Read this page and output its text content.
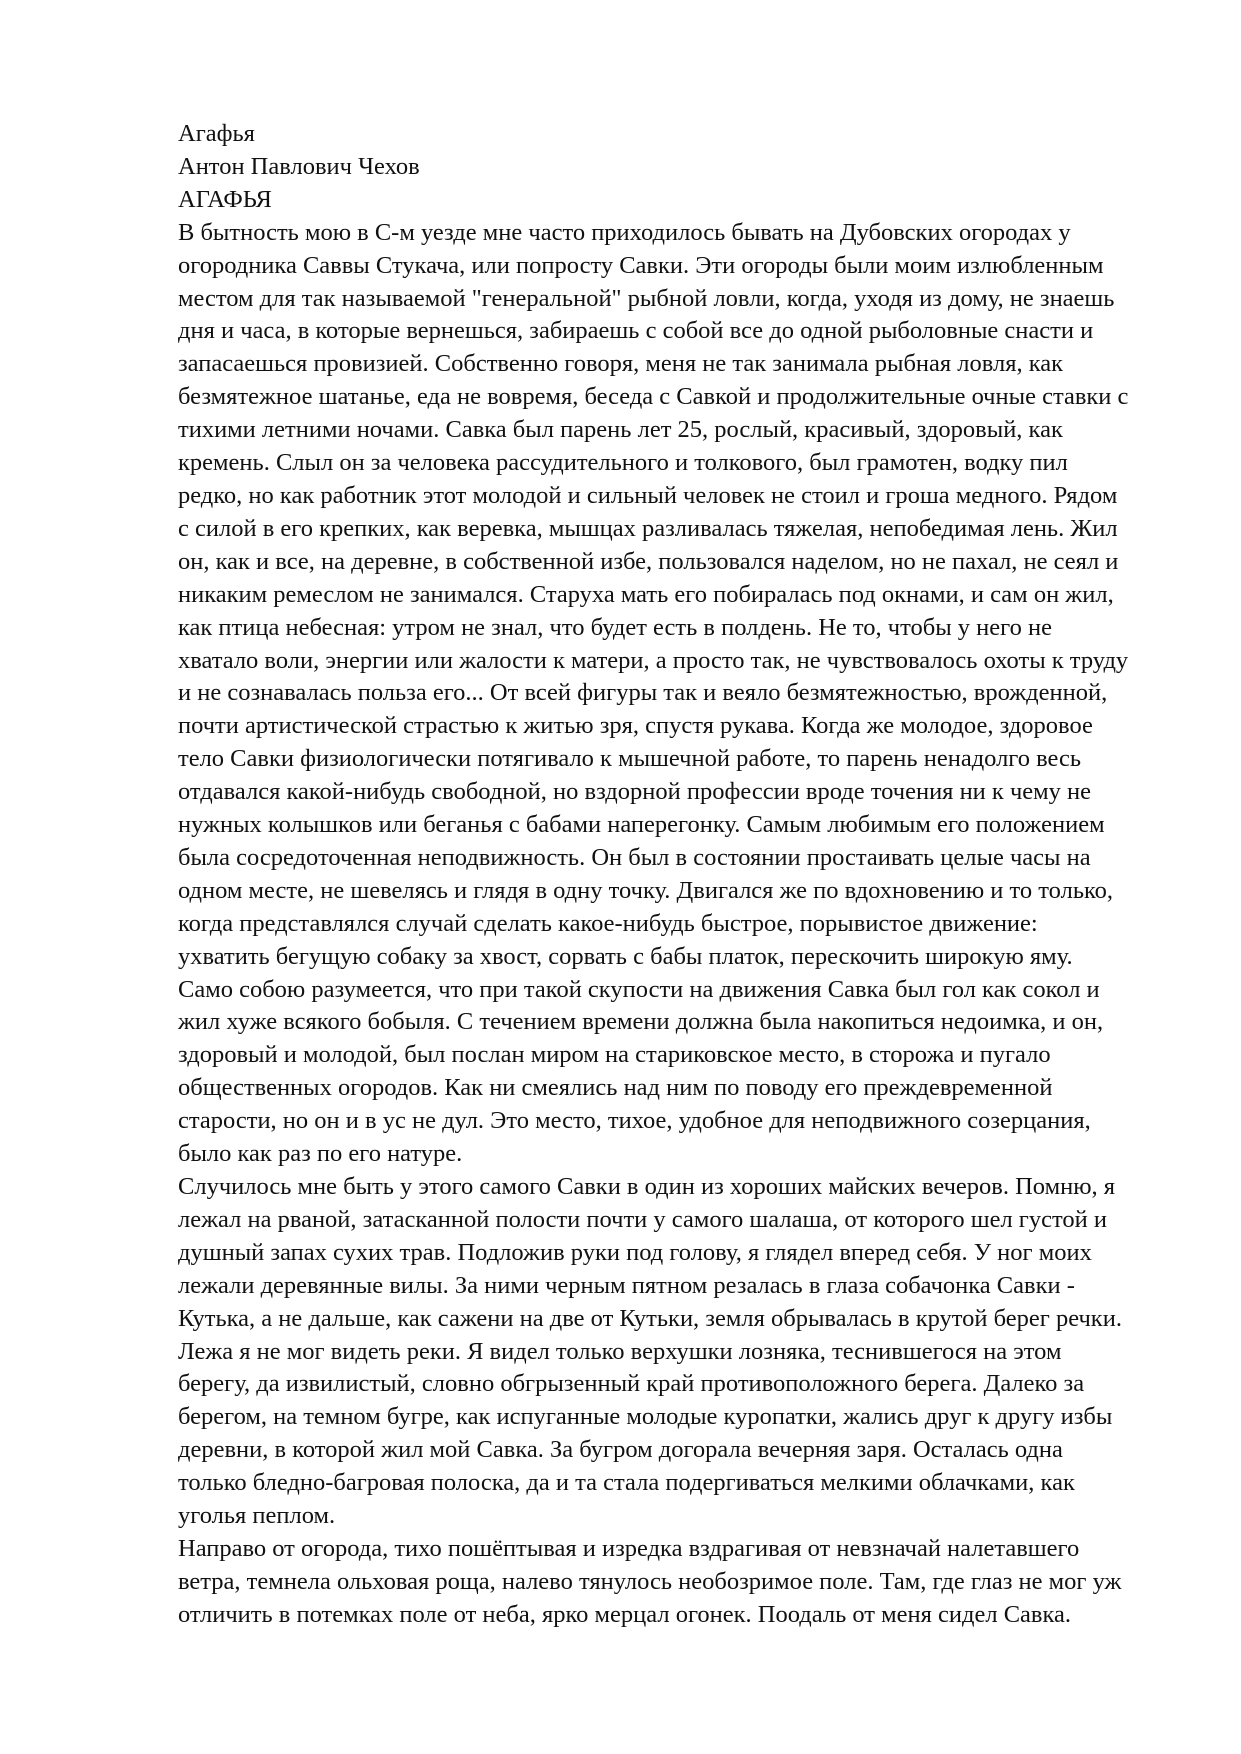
Агафья
Антон Павлович Чехов
АГАФЬЯ
В бытность мою в С-м уезде мне часто приходилось бывать на Дубовских огородах у
огородника Саввы Стукача, или попросту Савки. Эти огороды были моим излюбленным
местом для так называемой "генеральной" рыбной ловли, когда, уходя из дому, не знаешь
дня и часа, в которые вернешься, забираешь с собой все до одной рыболовные снасти и
запасаешься провизией. Собственно говоря, меня не так занимала рыбная ловля, как
безмятежное шатанье, еда не вовремя, беседа с Савкой и продолжительные очные ставки с
тихими летними ночами. Савка был парень лет 25, рослый, красивый, здоровый, как
кремень. Слыл он за человека рассудительного и толкового, был грамотен, водку пил
редко, но как работник этот молодой и сильный человек не стоил и гроша медного. Рядом
с силой в его крепких, как веревка, мышцах разливалась тяжелая, непобедимая лень. Жил
он, как и все, на деревне, в собственной избе, пользовался наделом, но не пахал, не сеял и
никаким ремеслом не занимался. Старуха мать его побиралась под окнами, и сам он жил,
как птица небесная: утром не знал, что будет есть в полдень. Не то, чтобы у него не
хватало воли, энергии или жалости к матери, а просто так, не чувствовалось охоты к труду
и не сознавалась польза его... От всей фигуры так и веяло безмятежностью, врожденной,
почти артистической страстью к житью зря, спустя рукава. Когда же молодое, здоровое
тело Савки физиологически потягивало к мышечной работе, то парень ненадолго весь
отдавался какой-нибудь свободной, но вздорной профессии вроде точения ни к чему не
нужных колышков или беганья с бабами наперегонку. Самым любимым его положением
была сосредоточенная неподвижность. Он был в состоянии простаивать целые часы на
одном месте, не шевелясь и глядя в одну точку. Двигался же по вдохновению и то только,
когда представлялся случай сделать какое-нибудь быстрое, порывистое движение:
ухватить бегущую собаку за хвост, сорвать с бабы платок, перескочить широкую яму.
Само собою разумеется, что при такой скупости на движения Савка был гол как сокол и
жил хуже всякого бобыля. С течением времени должна была накопиться недоимка, и он,
здоровый и молодой, был послан миром на стариковское место, в сторожа и пугало
общественных огородов. Как ни смеялись над ним по поводу его преждевременной
старости, но он и в ус не дул. Это место, тихое, удобное для неподвижного созерцания,
было как раз по его натуре.
Случилось мне быть у этого самого Савки в один из хороших майских вечеров. Помню, я
лежал на рваной, затасканной полости почти у самого шалаша, от которого шел густой и
душный запах сухих трав. Подложив руки под голову, я глядел вперед себя. У ног моих
лежали деревянные вилы. За ними черным пятном резалась в глаза собачонка Савки -
Кутька, а не дальше, как сажени на две от Кутьки, земля обрывалась в крутой берег речки.
Лежа я не мог видеть реки. Я видел только верхушки лозняка, теснившегося на этом
берегу, да извилистый, словно обгрызенный край противоположного берега. Далеко за
берегом, на темном бугре, как испуганные молодые куропатки, жались друг к другу избы
деревни, в которой жил мой Савка. За бугром догорала вечерняя заря. Осталась одна
только бледно-багровая полоска, да и та стала подергиваться мелкими облачками, как
уголья пеплом.
Направо от огорода, тихо пошёптывая и изредка вздрагивая от невзначай налетавшего
ветра, темнела ольховая роща, налево тянулось необозримое поле. Там, где глаз не мог уж
отличить в потемках поле от неба, ярко мерцал огонек. Поодаль от меня сидел Савка.
